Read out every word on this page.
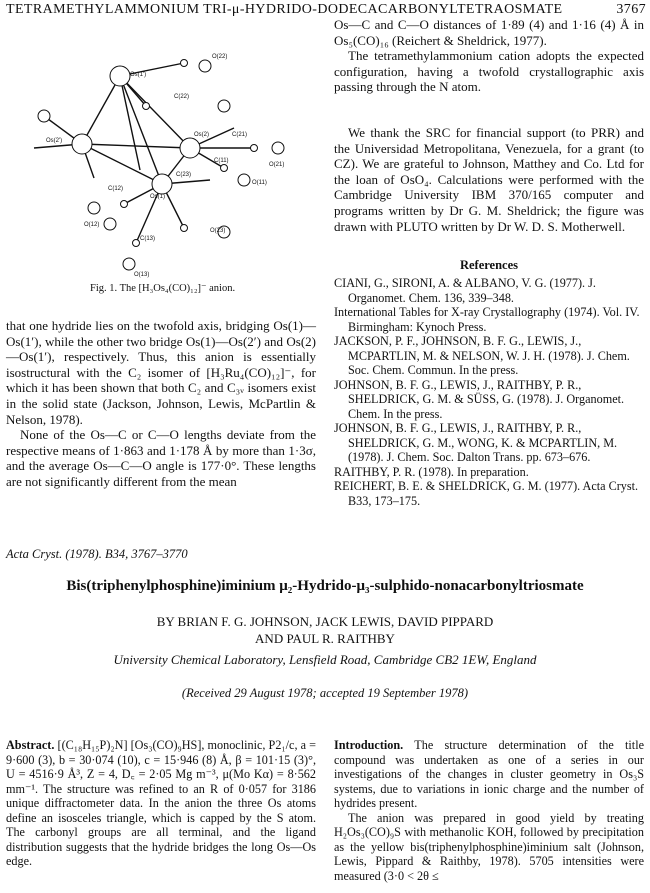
TETRAMETHYLAMMONIUM TRI-μ-HYDRIDO-DODECACARBONYLTETRAOSMATE	3767
Os(1')
Os(2')
Os(2)
Os(1)
C(22)
C(21)
C(11)
C(12)
C(13)
C(23)
O(22)
O(21)
O(11)
O(12)
O(13)
O(23)
Fig. 1. The [H₃Os₄(CO)₁₂]⁻ anion.

Os—C and C—O distances of 1·89 (4) and 1·16 (4) Å in Os₅(CO)₁₆ (Reichert & Sheldrick, 1977).

The tetramethylammonium cation adopts the expected configuration, having a twofold crystallographic axis passing through the N atom.

We thank the SRC for financial support (to PRR) and the Universidad Metropolitana, Venezuela, for a grant (to CZ). We are grateful to Johnson, Matthey and Co. Ltd for the loan of OsO₄. Calculations were performed with the Cambridge University IBM 370/165 computer and programs written by Dr G. M. Sheldrick; the figure was drawn with PLUTO written by Dr W. D. S. Motherwell.

References

CIANI, G., SIRONI, A. & ALBANO, V. G. (1977). J. Organomet. Chem. 136, 339–348.

International Tables for X-ray Crystallography (1974). Vol. IV. Birmingham: Kynoch Press.

JACKSON, P. F., JOHNSON, B. F. G., LEWIS, J., MCPARTLIN, M. & NELSON, W. J. H. (1978). J. Chem. Soc. Chem. Commun. In the press.

JOHNSON, B. F. G., LEWIS, J., RAITHBY, P. R., SHELDRICK, G. M. & SÜSS, G. (1978). J. Organomet. Chem. In the press.

JOHNSON, B. F. G., LEWIS, J., RAITHBY, P. R., SHELDRICK, G. M., WONG, K. & MCPARTLIN, M. (1978). J. Chem. Soc. Dalton Trans. pp. 673–676.

RAITHBY, P. R. (1978). In preparation.

REICHERT, B. E. & SHELDRICK, G. M. (1977). Acta Cryst. B33, 173–175.

that one hydride lies on the twofold axis, bridging Os(1)—Os(1′), while the other two bridge Os(1)—Os(2′) and Os(2)—Os(1′), respectively. Thus, this anion is essentially isostructural with the C₂ isomer of [H₃Ru₄(CO)₁₂]⁻, for which it has been shown that both C₂ and C₃ᵥ isomers exist in the solid state (Jackson, Johnson, Lewis, McPartlin & Nelson, 1978).

None of the Os—C or C—O lengths deviate from the respective means of 1·863 and 1·178 Å by more than 1·3σ, and the average Os—C—O angle is 177·0°. These lengths are not significantly different from the mean

Acta Cryst. (1978). B34, 3767–3770
Bis(triphenylphosphine)iminium μ₂-Hydrido-μ₃-sulphido-nonacarbonyltriosmate
BY BRIAN F. G. JOHNSON, JACK LEWIS, DAVID PIPPARD
AND PAUL R. RAITHBY
University Chemical Laboratory, Lensfield Road, Cambridge CB2 1EW, England
(Received 29 August 1978; accepted 19 September 1978)
Abstract. [(C₁₈H₁₅P)₂N] [Os₃(CO)₉HS], monoclinic, P2₁/c, a = 9·600 (3), b = 30·074 (10), c = 15·946 (8) Å, β = 101·15 (3)°, U = 4516·9 Å³, Z = 4, D꜀ = 2·05 Mg m⁻³, μ(Mo Kα) = 8·562 mm⁻¹. The structure was refined to an R of 0·057 for 3186 unique diffractometer data. In the anion the three Os atoms define an isosceles triangle, which is capped by the S atom. The carbonyl groups are all terminal, and the ligand distribution suggests that the hydride bridges the long Os—Os edge.

Introduction. The structure determination of the title compound was undertaken as one of a series in our investigations of the changes in cluster geometry in Os₃S systems, due to variations in ionic charge and the number of hydrides present.

The anion was prepared in good yield by treating H₂Os₃(CO)₉S with methanolic KOH, followed by precipitation as the yellow bis(triphenylphosphine)iminium salt (Johnson, Lewis, Pippard & Raithby, 1978). 5705 intensities were measured (3·0 < 2θ ≤
